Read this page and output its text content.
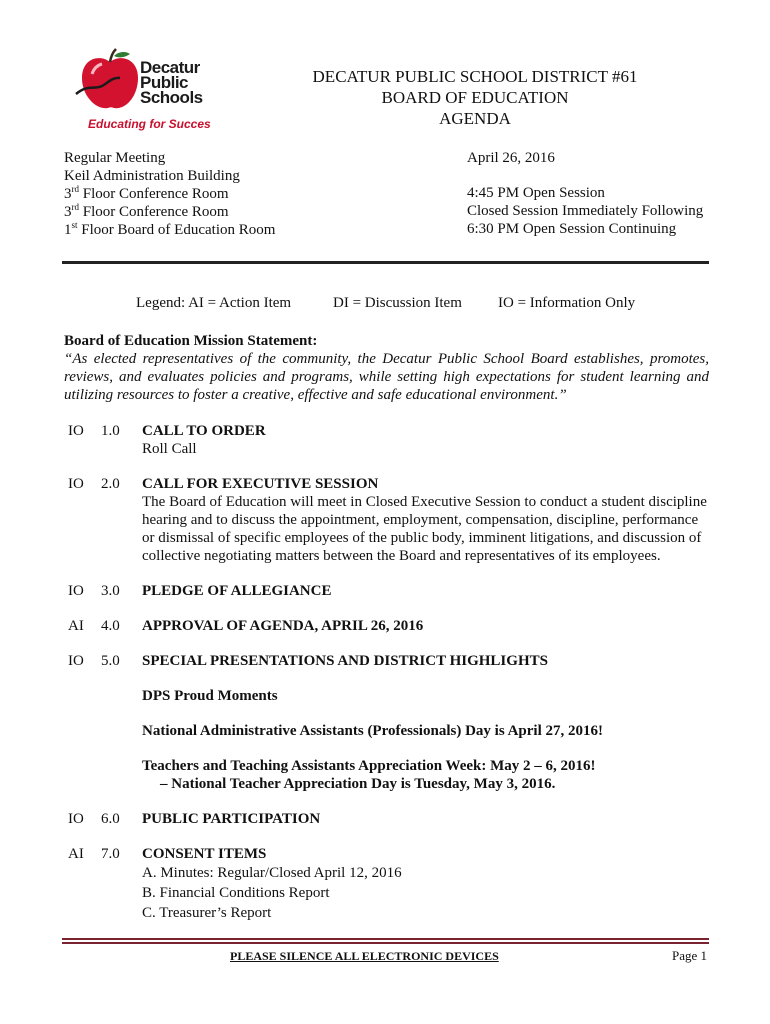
Decatur
Public
Schools
Educating for Succes
DECATUR PUBLIC SCHOOL DISTRICT #61
BOARD OF EDUCATION
AGENDA
Regular Meeting
Keil Administration Building
3rd Floor Conference Room
3rd Floor Conference Room
1st Floor Board of Education Room
April 26, 2016
4:45 PM Open Session
Closed Session Immediately Following
6:30 PM Open Session Continuing
Legend: AI = Action Item	DI = Discussion Item IO = Information Only
Board of Education Mission Statement:
“As elected representatives of the community, the Decatur Public School Board establishes, promotes, reviews, and evaluates policies and programs, while setting high expectations for student learning and utilizing resources to foster a creative, effective and safe educational environment.”
IO 1.0 CALL TO ORDER
Roll Call
IO 2.0 CALL FOR EXECUTIVE SESSION
The Board of Education will meet in Closed Executive Session to conduct a student discipline hearing and to discuss the appointment, employment, compensation, discipline, performance or dismissal of specific employees of the public body, imminent litigations, and discussion of collective negotiating matters between the Board and representatives of its employees.
IO 3.0 PLEDGE OF ALLEGIANCE
AI 4.0 APPROVAL OF AGENDA, APRIL 26, 2016
IO 5.0 SPECIAL PRESENTATIONS AND DISTRICT HIGHLIGHTS
DPS Proud Moments
National Administrative Assistants (Professionals) Day is April 27, 2016!
Teachers and Teaching Assistants Appreciation Week: May 2 – 6, 2016!
– National Teacher Appreciation Day is Tuesday, May 3, 2016.
IO 6.0 PUBLIC PARTICIPATION
AI 7.0 CONSENT ITEMS
A. Minutes: Regular/Closed April 12, 2016
B. Financial Conditions Report
C. Treasurer’s Report
PLEASE SILENCE ALL ELECTRONIC DEVICES	Page 1
